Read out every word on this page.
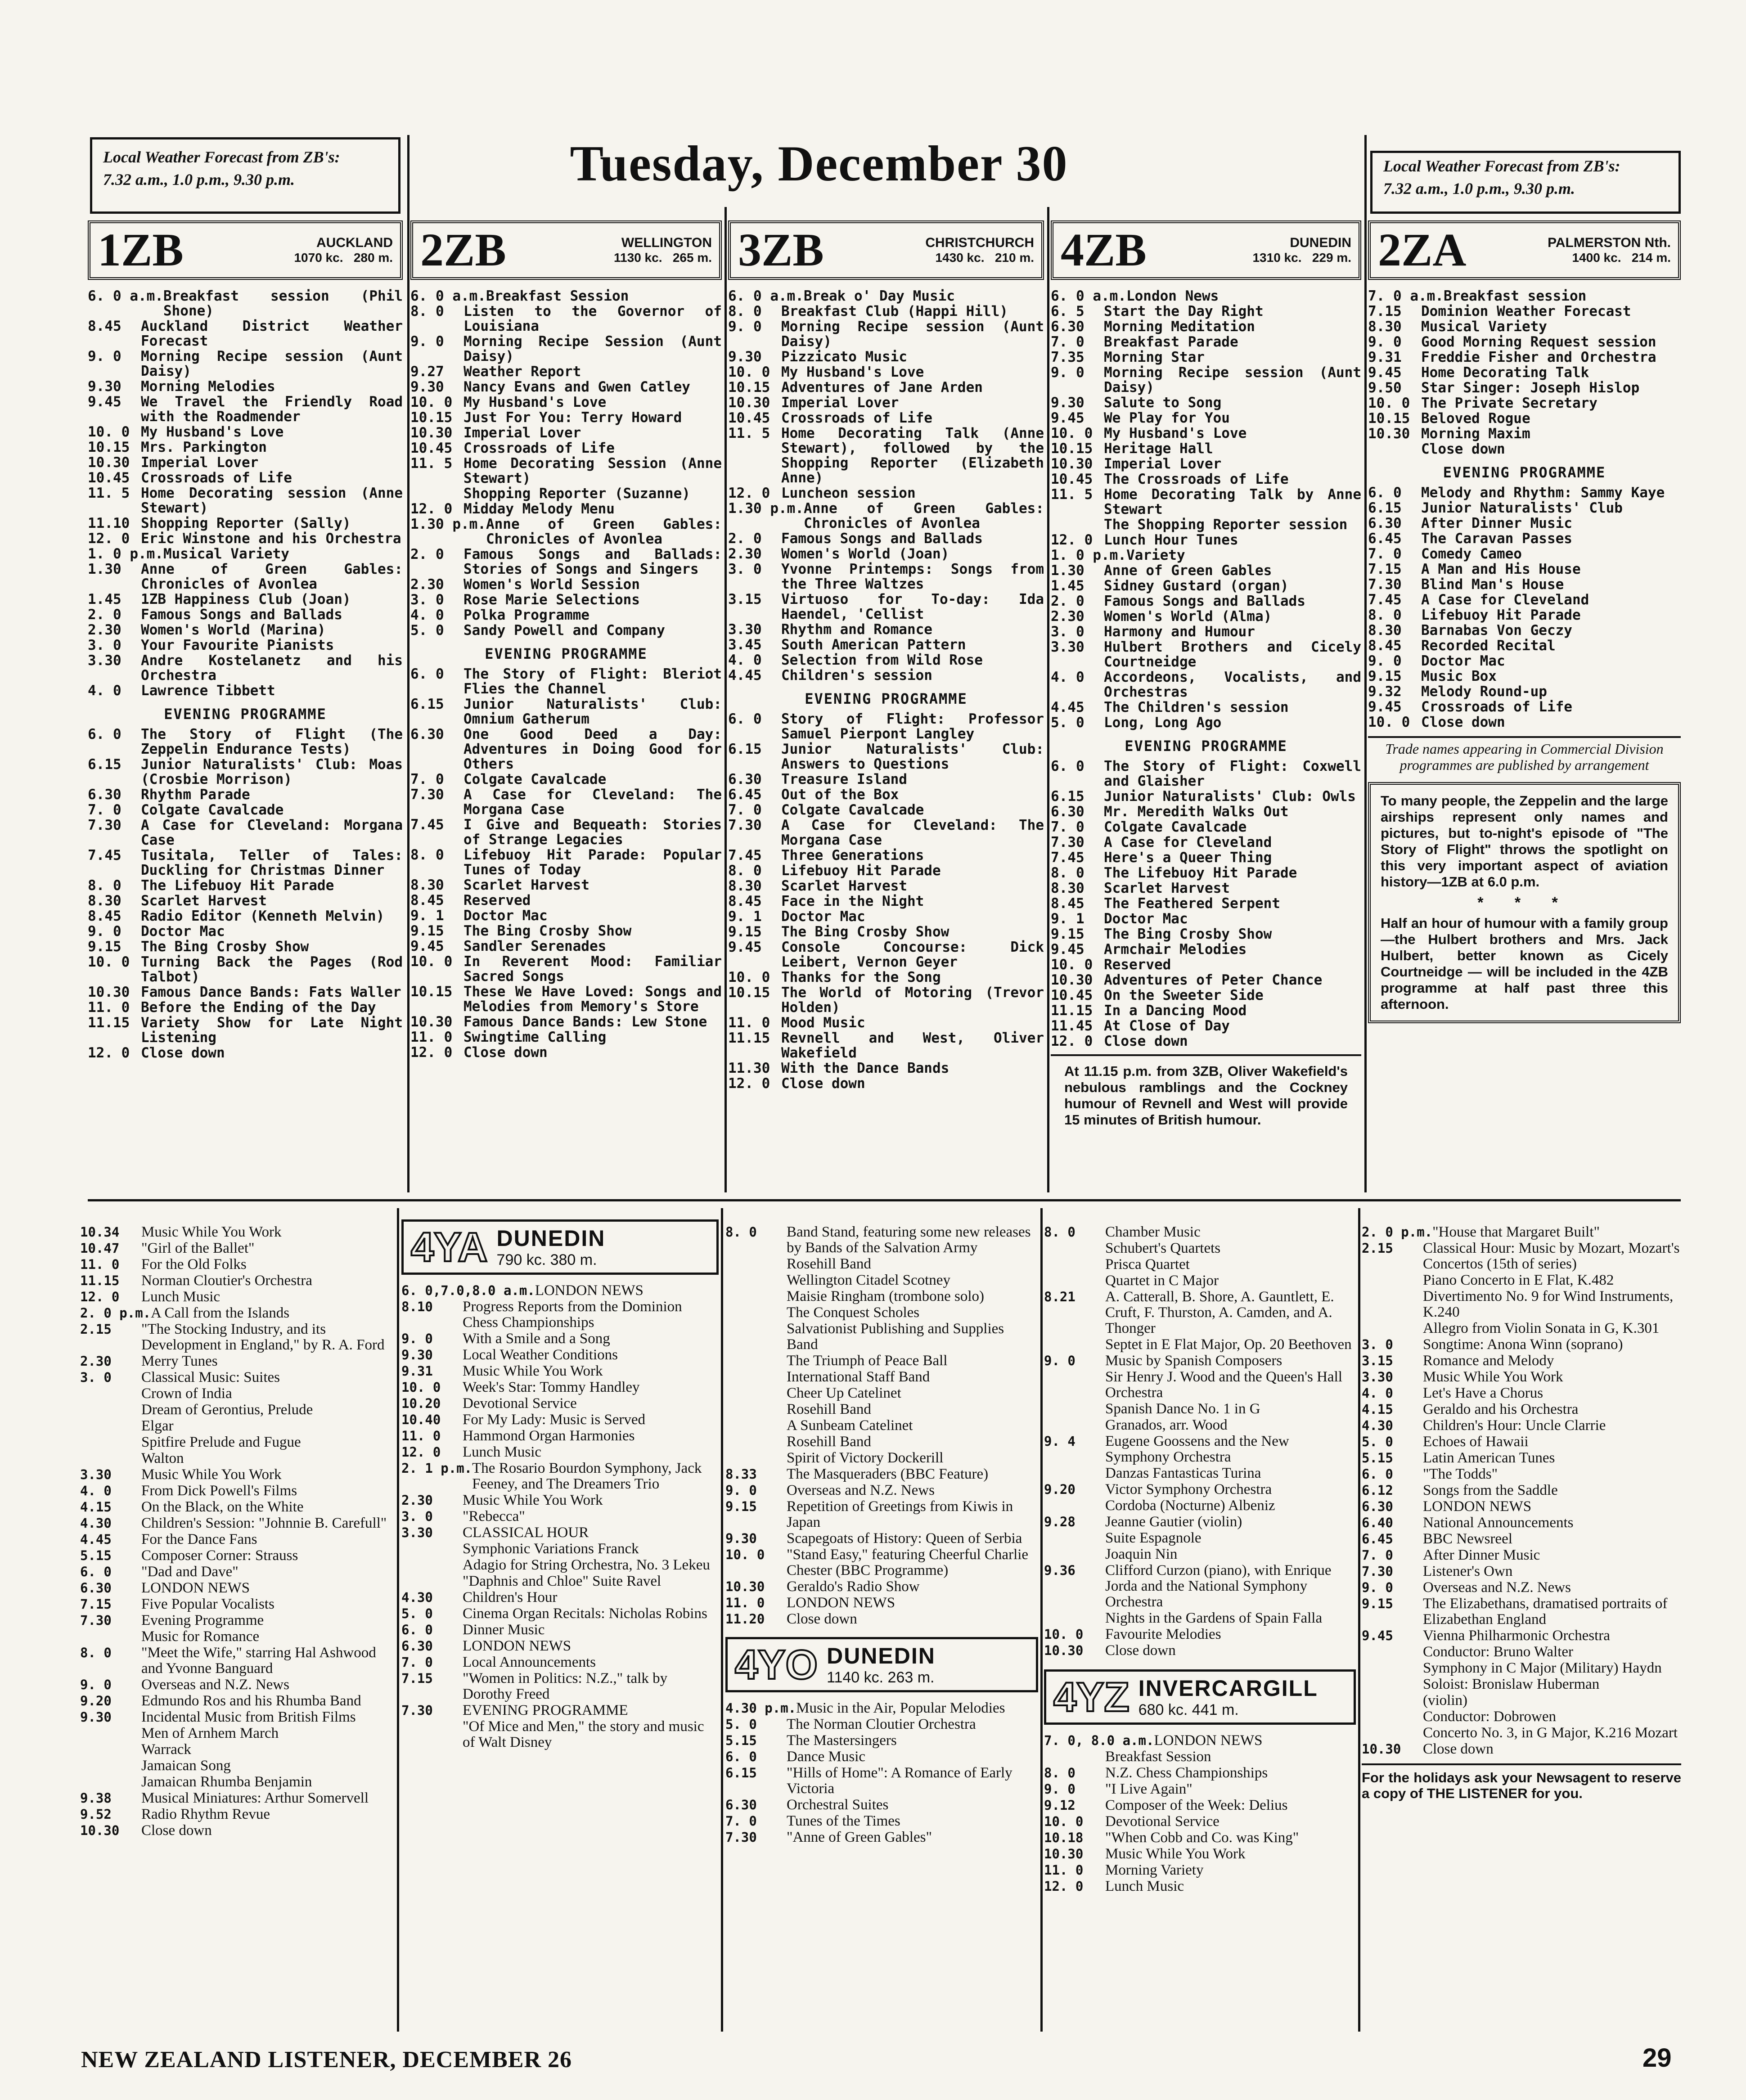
Local Weather Forecast from ZB's:
7.32 a.m., 1.0 p.m., 9.30 p.m.
Local Weather Forecast from ZB's:
7.32 a.m., 1.0 p.m., 9.30 p.m.
Tuesday, December 30
1ZB	AUCKLAND
1070 kc. 280 m.
6. 0 a.m. Breakfast session (Phil Shone)
8.45	Auckland District Weather Forecast
9. 0	Morning Recipe session (Aunt Daisy)
9.30	Morning Melodies
9.45	We Travel the Friendly Road with the Roadmender
10. 0 My Husband's Love
10.15 Mrs. Parkington
10.30 Imperial Lover
10.45 Crossroads of Life
11. 5 Home Decorating session (Anne Stewart)
11.10 Shopping Reporter (Sally)
12. 0 Eric Winstone and his Orchestra
1. 0 p.m. Musical Variety
1.30	Anne of Green Gables: Chronicles of Avonlea
1.45	1ZB Happiness Club (Joan)
2. 0	Famous Songs and Ballads
2.30	Women's World (Marina)
3. 0	Your Favourite Pianists
3.30	Andre Kostelanetz and his Orchestra
4. 0	Lawrence Tibbett
EVENING PROGRAMME
6. 0	The Story of Flight (The Zeppelin Endurance Tests)
6.15	Junior Naturalists' Club: Moas (Crosbie Morrison)
6.30	Rhythm Parade
7. 0	Colgate Cavalcade
7.30	A Case for Cleveland: Morgana Case
7.45	Tusitala, Teller of Tales: Duckling for Christmas Dinner
8. 0	The Lifebuoy Hit Parade
8.30	Scarlet Harvest
8.45	Radio Editor (Kenneth Melvin)
9. 0	Doctor Mac
9.15	The Bing Crosby Show
10. 0 Turning Back the Pages (Rod Talbot)
10.30 Famous Dance Bands: Fats Waller
11. 0 Before the Ending of the Day
11.15 Variety Show for Late Night Listening
12. 0 Close down
2ZB	WELLINGTON
1130 kc. 265 m.
6. 0 a.m. Breakfast Session
8. 0	Listen to the Governor of Louisiana
9. 0	Morning Recipe Session (Aunt Daisy)
9.27	Weather Report
9.30	Nancy Evans and Gwen Catley
10. 0 My Husband's Love
10.15 Just For You: Terry Howard
10.30 Imperial Lover
10.45 Crossroads of Life
11. 5 Home Decorating Session (Anne Stewart)
Shopping Reporter (Suzanne)
12. 0 Midday Melody Menu
1.30 p.m. Anne of Green Gables: Chronicles of Avonlea
2. 0	Famous Songs and Ballads: Stories of Songs and Singers
2.30	Women's World Session
3. 0	Rose Marie Selections
4. 0	Polka Programme
5. 0	Sandy Powell and Company
EVENING PROGRAMME
6. 0	The Story of Flight: Bleriot Flies the Channel
6.15	Junior Naturalists' Club: Omnium Gatherum
6.30	One Good Deed a Day: Adventures in Doing Good for Others
7. 0	Colgate Cavalcade
7.30	A Case for Cleveland: The Morgana Case
7.45	I Give and Bequeath: Stories of Strange Legacies
8. 0	Lifebuoy Hit Parade: Popular Tunes of Today
8.30	Scarlet Harvest
8.45	Reserved
9. 1	Doctor Mac
9.15	The Bing Crosby Show
9.45	Sandler Serenades
10. 0 In Reverent Mood: Familiar Sacred Songs
10.15 These We Have Loved: Songs and Melodies from Memory's Store
10.30 Famous Dance Bands: Lew Stone
11. 0 Swingtime Calling
12. 0 Close down
3ZB	CHRISTCHURCH
1430 kc. 210 m.
6. 0 a.m. Break o' Day Music
8. 0	Breakfast Club (Happi Hill)
9. 0	Morning Recipe session (Aunt Daisy)
9.30	Pizzicato Music
10. 0 My Husband's Love
10.15 Adventures of Jane Arden
10.30 Imperial Lover
10.45 Crossroads of Life
11. 5 Home Decorating Talk (Anne Stewart), followed by the Shopping Reporter (Elizabeth Anne)
12. 0 Luncheon session
1.30 p.m. Anne of Green Gables: Chronicles of Avonlea
2. 0	Famous Songs and Ballads
2.30	Women's World (Joan)
3. 0	Yvonne Printemps: Songs from the Three Waltzes
3.15	Virtuoso for To-day: Ida Haendel, 'Cellist
3.30	Rhythm and Romance
3.45	South American Pattern
4. 0	Selection from Wild Rose
4.45	Children's session
EVENING PROGRAMME
6. 0	Story of Flight: Professor Samuel Pierpont Langley
6.15	Junior Naturalists' Club: Answers to Questions
6.30	Treasure Island
6.45	Out of the Box
7. 0	Colgate Cavalcade
7.30	A Case for Cleveland: The Morgana Case
7.45	Three Generations
8. 0	Lifebuoy Hit Parade
8.30	Scarlet Harvest
8.45	Face in the Night
9. 1	Doctor Mac
9.15	The Bing Crosby Show
9.45	Console Concourse: Dick Leibert, Vernon Geyer
10. 0 Thanks for the Song
10.15 The World of Motoring (Trevor Holden)
11. 0 Mood Music
11.15 Revnell and West, Oliver Wakefield
11.30 With the Dance Bands
12. 0 Close down
4ZB	DUNEDIN
1310 kc. 229 m.
6. 0 a.m. London News
6. 5	Start the Day Right
6.30	Morning Meditation
7. 0	Breakfast Parade
7.35	Morning Star
9. 0	Morning Recipe session (Aunt Daisy)
9.30	Salute to Song
9.45	We Play for You
10. 0 My Husband's Love
10.15 Heritage Hall
10.30 Imperial Lover
10.45 The Crossroads of Life
11. 5 Home Decorating Talk by Anne Stewart
The Shopping Reporter session
12. 0 Lunch Hour Tunes
1. 0 p.m. Variety
1.30	Anne of Green Gables
1.45	Sidney Gustard (organ)
2. 0	Famous Songs and Ballads
2.30	Women's World (Alma)
3. 0	Harmony and Humour
3.30	Hulbert Brothers and Cicely Courtneidge
4. 0	Accordeons, Vocalists, and Orchestras
4.45	The Children's session
5. 0	Long, Long Ago
EVENING PROGRAMME
6. 0	The Story of Flight: Coxwell and Glaisher
6.15	Junior Naturalists' Club: Owls
6.30	Mr. Meredith Walks Out
7. 0	Colgate Cavalcade
7.30	A Case for Cleveland
7.45	Here's a Queer Thing
8. 0	The Lifebuoy Hit Parade
8.30	Scarlet Harvest
8.45	The Feathered Serpent
9. 1	Doctor Mac
9.15	The Bing Crosby Show
9.45	Armchair Melodies
10. 0 Reserved
10.30 Adventures of Peter Chance
10.45 On the Sweeter Side
11.15 In a Dancing Mood
11.45 At Close of Day
12. 0 Close down
At 11.15 p.m. from 3ZB, Oliver Wakefield's nebulous ramblings and the Cockney humour of Revnell and West will provide 15 minutes of British humour.
2ZA	PALMERSTON Nth.
1400 kc. 214 m.
7. 0 a.m. Breakfast session
7.15	Dominion Weather Forecast
8.30	Musical Variety
9. 0	Good Morning Request session
9.31	Freddie Fisher and Orchestra
9.45	Home Decorating Talk
9.50	Star Singer: Joseph Hislop
10. 0 The Private Secretary
10.15 Beloved Rogue
10.30 Morning Maxim
Close down
EVENING PROGRAMME
6. 0	Melody and Rhythm: Sammy Kaye
6.15	Junior Naturalists' Club
6.30	After Dinner Music
6.45	The Caravan Passes
7. 0	Comedy Cameo
7.15	A Man and His House
7.30	Blind Man's House
7.45	A Case for Cleveland
8. 0	Lifebuoy Hit Parade
8.30	Barnabas Von Geczy
8.45	Recorded Recital
9. 0	Doctor Mac
9.15	Music Box
9.32	Melody Round-up
9.45	Crossroads of Life
10. 0 Close down
Trade names appearing in Commercial Division programmes are published by arrangement
To many people, the Zeppelin and the large airships represent only names and pictures, but to-night's episode of "The Story of Flight" throws the spotlight on this very important aspect of aviation history—1ZB at 6.0 p.m.
* * *
Half an hour of humour with a family group—the Hulbert brothers and Mrs. Jack Hulbert, better known as Cicely Courtneidge — will be included in the 4ZB programme at half past three this afternoon.
10.34	Music While You Work
10.47	"Girl of the Ballet"
11. 0	For the Old Folks
11.15	Norman Cloutier's Orchestra
12. 0	Lunch Music
2. 0 p.m. A Call from the Islands
2.15	"The Stocking Industry, and its Development in England," by R. A. Ford
2.30	Merry Tunes
3. 0	Classical Music: Suites
Crown of India
Dream of Gerontius, Prelude
Elgar
Spitfire Prelude and Fugue
Walton
3.30	Music While You Work
4. 0	From Dick Powell's Films
4.15	On the Black, on the White
4.30	Children's Session: "Johnnie B. Carefull"
4.45	For the Dance Fans
5.15	Composer Corner: Strauss
6. 0	"Dad and Dave"
6.30	LONDON NEWS
7.15	Five Popular Vocalists
7.30	Evening Programme
Music for Romance
8. 0	"Meet the Wife," starring Hal Ashwood and Yvonne Banguard
9. 0	Overseas and N.Z. News
9.20	Edmundo Ros and his Rhumba Band
9.30	Incidental Music from British Films
Men of Arnhem March
Warrack
Jamaican Song
Jamaican Rhumba Benjamin
9.38	Musical Miniatures: Arthur Somervell
9.52	Radio Rhythm Revue
10.30	Close down
4YA DUNEDIN
790 kc. 380 m.
6. 0,7.0,8.0 a.m. LONDON NEWS
8.10	Progress Reports from the Dominion Chess Championships
9. 0	With a Smile and a Song
9.30	Local Weather Conditions
9.31	Music While You Work
10. 0	Week's Star: Tommy Handley
10.20	Devotional Service
10.40	For My Lady: Music is Served
11. 0	Hammond Organ Harmonies
12. 0	Lunch Music
2. 1 p.m. The Rosario Bourdon Symphony, Jack Feeney, and The Dreamers Trio
2.30	Music While You Work
3. 0	"Rebecca"
3.30	CLASSICAL HOUR
Symphonic Variations Franck
Adagio for String Orchestra, No. 3 Lekeu
"Daphnis and Chloe" Suite Ravel
4.30	Children's Hour
5. 0	Cinema Organ Recitals: Nicholas Robins
6. 0	Dinner Music
6.30	LONDON NEWS
7. 0	Local Announcements
7.15	"Women in Politics: N.Z.," talk by Dorothy Freed
7.30	EVENING PROGRAMME
"Of Mice and Men," the story and music of Walt Disney
8. 0	Band Stand, featuring some new releases by Bands of the Salvation Army
Rosehill Band
Wellington Citadel Scotney
Maisie Ringham (trombone solo)
The Conquest Scholes
Salvationist Publishing and Supplies Band
The Triumph of Peace Ball
International Staff Band
Cheer Up Catelinet
Rosehill Band
A Sunbeam Catelinet
Rosehill Band
Spirit of Victory Dockerill
8.33	The Masqueraders (BBC Feature)
9. 0	Overseas and N.Z. News
9.15	Repetition of Greetings from Kiwis in Japan
9.30	Scapegoats of History: Queen of Serbia
10. 0	"Stand Easy," featuring Cheerful Charlie Chester (BBC Programme)
10.30	Geraldo's Radio Show
11. 0	LONDON NEWS
11.20	Close down
4YO DUNEDIN
1140 kc. 263 m.
4.30 p.m. Music in the Air, Popular Melodies
5. 0	The Norman Cloutier Orchestra
5.15	The Mastersingers
6. 0	Dance Music
6.15	"Hills of Home": A Romance of Early Victoria
6.30	Orchestral Suites
7. 0	Tunes of the Times
7.30	"Anne of Green Gables"
8. 0	Chamber Music
Schubert's Quartets
Prisca Quartet
Quartet in C Major
8.21	A. Catterall, B. Shore, A. Gauntlett, E. Cruft, F. Thurston, A. Camden, and A. Thonger
Septet in E Flat Major, Op. 20 Beethoven
9. 0	Music by Spanish Composers
Sir Henry J. Wood and the Queen's Hall Orchestra
Spanish Dance No. 1 in G
Granados, arr. Wood
9. 4	Eugene Goossens and the New Symphony Orchestra
Danzas Fantasticas Turina
9.20	Victor Symphony Orchestra
Cordoba (Nocturne) Albeniz
9.28	Jeanne Gautier (violin)
Suite Espagnole
Joaquin Nin
9.36	Clifford Curzon (piano), with Enrique Jorda and the National Symphony Orchestra
Nights in the Gardens of Spain Falla
10. 0	Favourite Melodies
10.30	Close down
4YZ INVERCARGILL
680 kc. 441 m.
7. 0, 8.0 a.m. LONDON NEWS
Breakfast Session
8. 0	N.Z. Chess Championships
9. 0	"I Live Again"
9.12	Composer of the Week: Delius
10. 0	Devotional Service
10.18	"When Cobb and Co. was King"
10.30	Music While You Work
11. 0	Morning Variety
12. 0	Lunch Music
2. 0 p.m. "House that Margaret Built"
2.15	Classical Hour: Music by Mozart, Mozart's Concertos (15th of series)
Piano Concerto in E Flat, K.482
Divertimento No. 9 for Wind Instruments, K.240
Allegro from Violin Sonata in G, K.301
3. 0	Songtime: Anona Winn (soprano)
3.15	Romance and Melody
3.30	Music While You Work
4. 0	Let's Have a Chorus
4.15	Geraldo and his Orchestra
4.30	Children's Hour: Uncle Clarrie
5. 0	Echoes of Hawaii
5.15	Latin American Tunes
6. 0	"The Todds"
6.12	Songs from the Saddle
6.30	LONDON NEWS
6.40	National Announcements
6.45	BBC Newsreel
7. 0	After Dinner Music
7.30	Listener's Own
9. 0	Overseas and N.Z. News
9.15	The Elizabethans, dramatised portraits of Elizabethan England
9.45	Vienna Philharmonic Orchestra
Conductor: Bruno Walter
Symphony in C Major (Military) Haydn
Soloist: Bronislaw Huberman
(violin)
Conductor: Dobrowen
Concerto No. 3, in G Major, K.216 Mozart
10.30	Close down
For the holidays ask your Newsagent to reserve a copy of THE LISTENER for you.
NEW ZEALAND LISTENER, DECEMBER 26	29
